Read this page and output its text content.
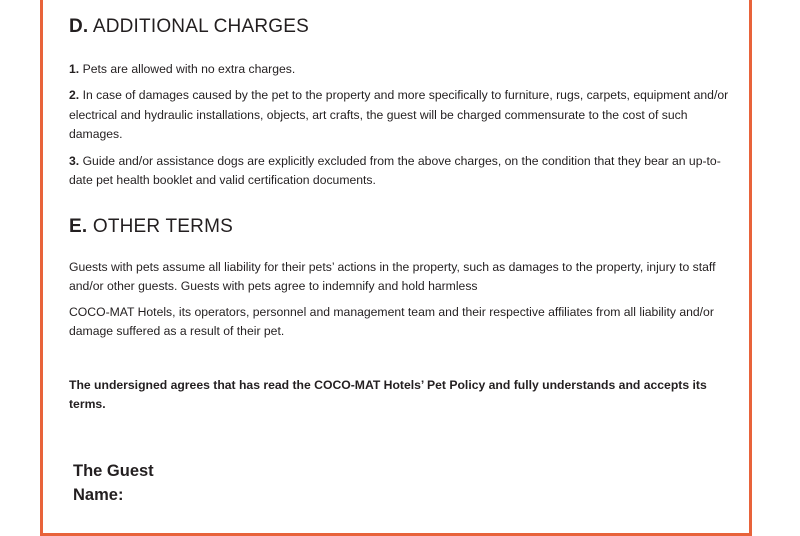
D. ADDITIONAL CHARGES

1. Pets are allowed with no extra charges.

2. In case of damages caused by the pet to the property and more specifically to furniture, rugs, carpets, equipment and/or electrical and hydraulic installations, objects, art crafts, the guest will be charged commensurate to the cost of such damages.

3. Guide and/or assistance dogs are explicitly excluded from the above charges, on the condition that they bear an up-to-date pet health booklet and valid certification documents.

E. OTHER TERMS

Guests with pets assume all liability for their pets’ actions in the property, such as damages to the property, injury to staff and/or other guests. Guests with pets agree to indemnify and hold harmless

COCO-MAT Hotels, its operators, personnel and management team and their respective affiliates from all liability and/or damage suffered as a result of their pet.

The undersigned agrees that has read the COCO-MAT Hotels’ Pet Policy and fully understands and accepts its terms.

The Guest
Name:
